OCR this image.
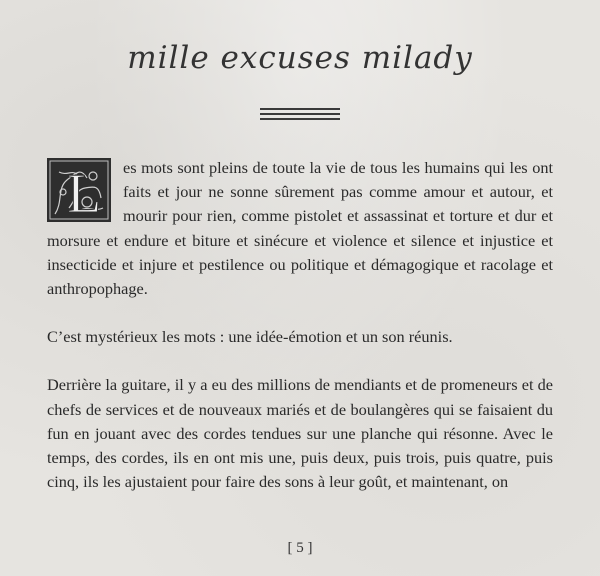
mille excuses milady

es mots sont pleins de toute la vie de tous les humains qui les ont faits et jour ne sonne sûrement pas comme amour et autour, et mourir pour rien, comme pistolet et assassinat et torture et dur et morsure et endure et biture et sinécure et violence et silence et injustice et insecticide et injure et pestilence ou politique et démagogique et racolage et anthropophage.

C’est mystérieux les mots : une idée-émotion et un son réunis.

Derrière la guitare, il y a eu des millions de mendiants et de promeneurs et de chefs de services et de nouveaux mariés et de boulangères qui se faisaient du fun en jouant avec des cordes tendues sur une planche qui résonne. Avec le temps, des cordes, ils en ont mis une, puis deux, puis trois, puis quatre, puis cinq, ils les ajustaient pour faire des sons à leur goût, et maintenant, on

L
[ 5 ]
